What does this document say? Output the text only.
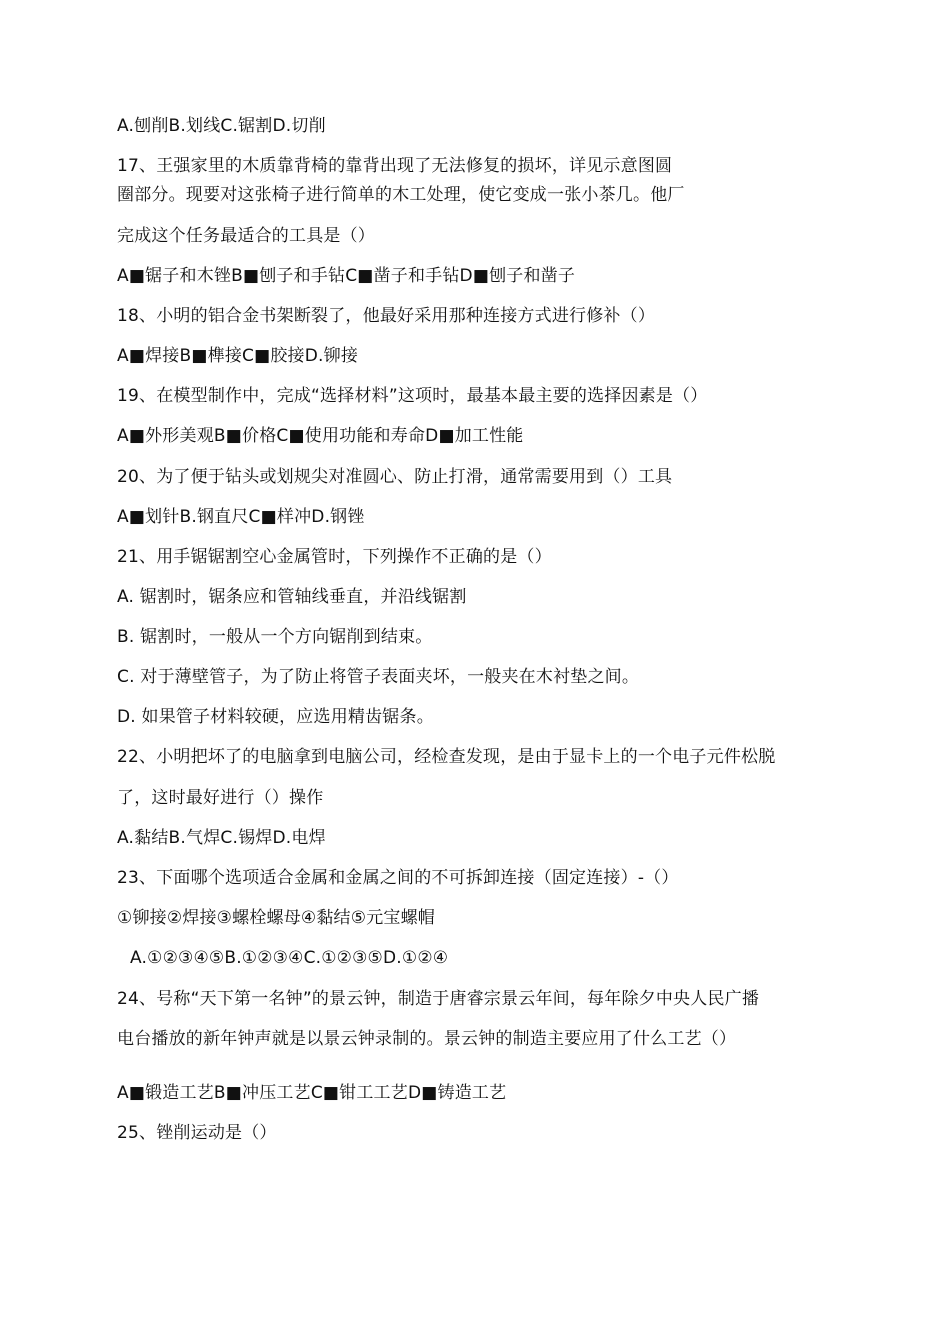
A.刨削B.划线C.锯割D.切削
17、王强家里的木质靠背椅的靠背出现了无法修复的损坏，详见示意图圆
圈部分。现要对这张椅子进行简单的木工处理，使它变成一张小茶几。他厂
完成这个任务最适合的工具是（）
A■锯子和木锉B■刨子和手钻C■凿子和手钻D■刨子和凿子
18、小明的铝合金书架断裂了，他最好采用那种连接方式进行修补（）
A■焊接B■榫接C■胶接D.铆接
19、在模型制作中，完成“选择材料”这项时，最基本最主要的选择因素是（）
A■外形美观B■价格C■使用功能和寿命D■加工性能
20、为了便于钻头或划规尖对准圆心、防止打滑，通常需要用到（）工具
A■划针B.钢直尺C■样冲D.钢锉
21、用手锯锯割空心金属管时，下列操作不正确的是（）
A. 锯割时，锯条应和管轴线垂直，并沿线锯割
B. 锯割时，一般从一个方向锯削到结束。
C. 对于薄壁管子，为了防止将管子表面夹坏，一般夹在木衬垫之间。
D. 如果管子材料较硬，应选用精齿锯条。
22、小明把坏了的电脑拿到电脑公司，经检查发现，是由于显卡上的一个电子元件松脱
了，这时最好进行（）操作
A.黏结B.气焊C.锡焊D.电焊
23、下面哪个选项适合金属和金属之间的不可拆卸连接（固定连接）-（）
①铆接②焊接③螺栓螺母④黏结⑤元宝螺帽
A.①②③④⑤B.①②③④C.①②③⑤D.①②④
24、号称“天下第一名钟”的景云钟，制造于唐睿宗景云年间，每年除夕中央人民广播
电台播放的新年钟声就是以景云钟录制的。景云钟的制造主要应用了什么工艺（）
A■锻造工艺B■冲压工艺C■钳工工艺D■铸造工艺
25、锉削运动是（）
